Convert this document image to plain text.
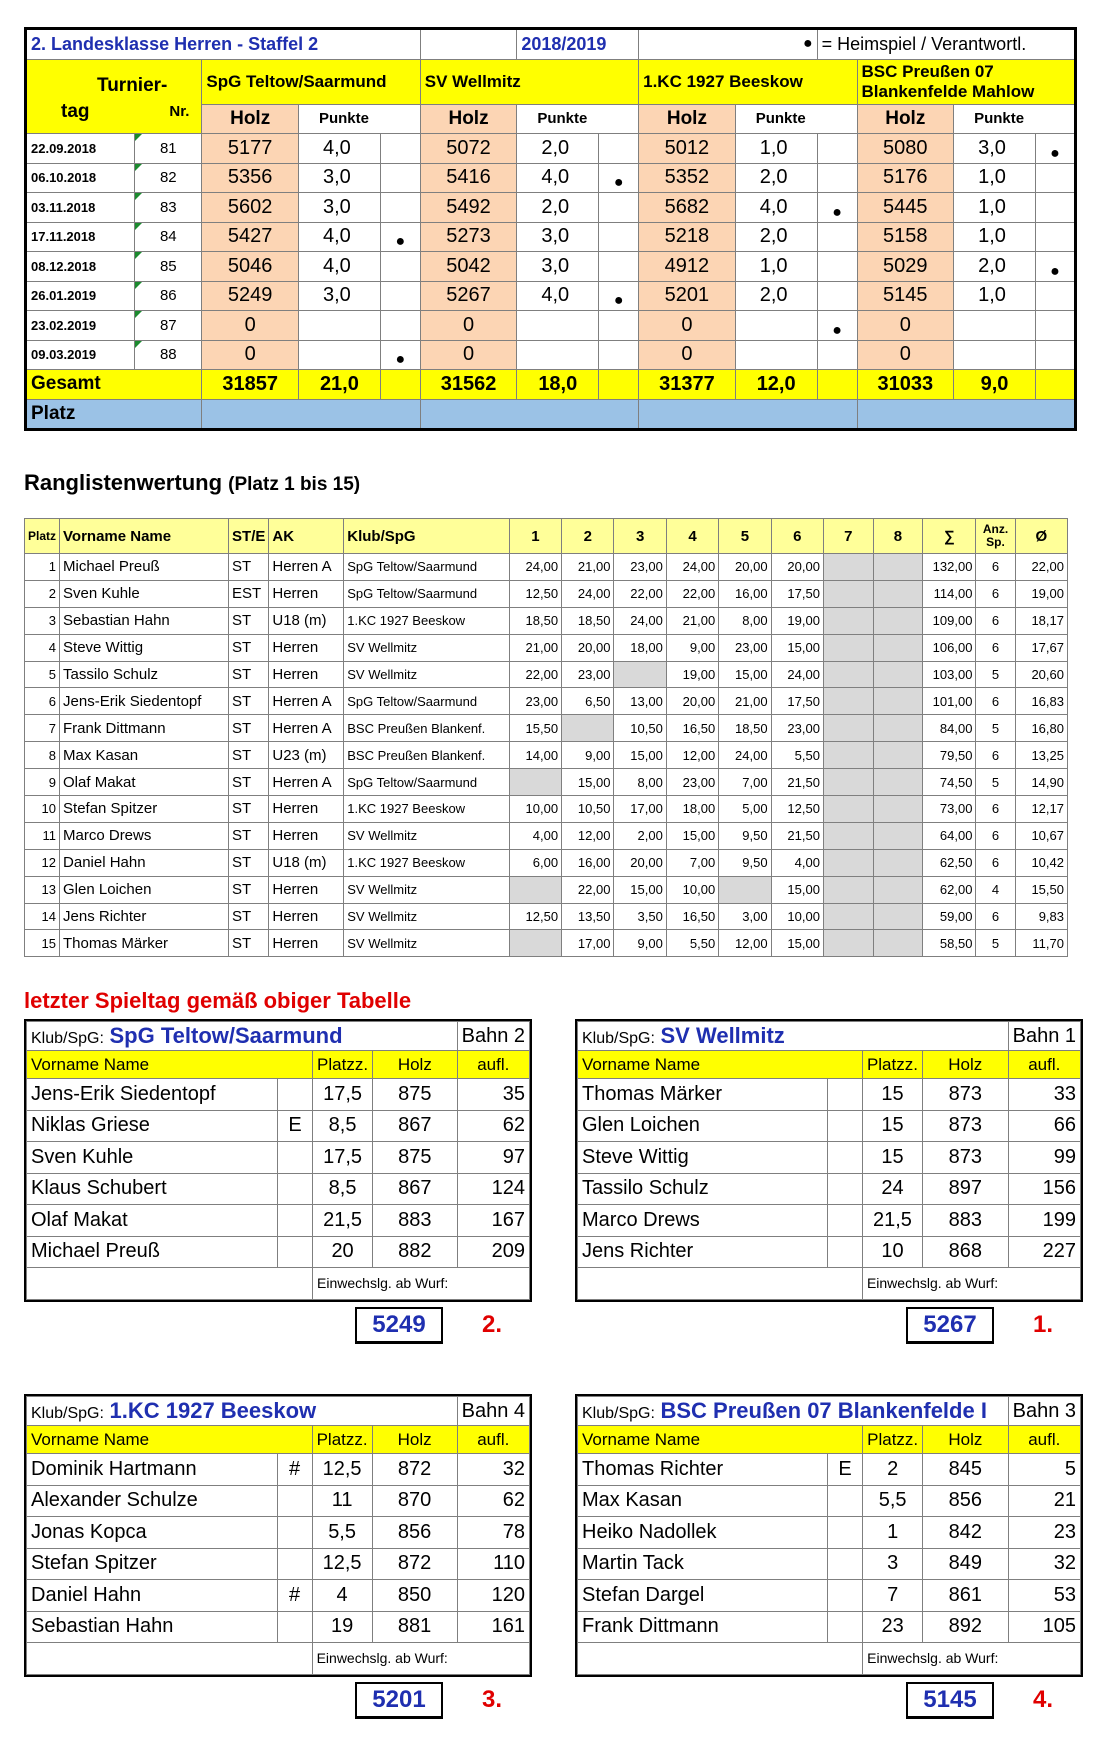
2. Landesklasse Herren - Staffel 2						2018/2019		●		= Heimspiel / Verantwortl.			

Turnier-
tag Nr.		SpG Teltow/Saarmund			SV Wellmitz			1.KC 1927 Beeskow			BSC Preußen 07 Blankenfelde Mahlow		
		Holz	Punkte		Holz	Punkte		Holz	Punkte		Holz	Punkte	
22.09.2018	81	5177	4,0		5072	2,0		5012	1,0		5080	3,0	●
06.10.2018	82	5356	3,0		5416	4,0	●	5352	2,0		5176	1,0	
03.11.2018	83	5602	3,0		5492	2,0		5682	4,0	●	5445	1,0	
17.11.2018	84	5427	4,0	●	5273	3,0		5218	2,0		5158	1,0	
08.12.2018	85	5046	4,0		5042	3,0		4912	1,0		5029	2,0	●
26.01.2019	86	5249	3,0		5267	4,0	●	5201	2,0		5145	1,0	
23.02.2019	87	0			0			0		●	0		
09.03.2019	88	0		●	0			0			0		
Gesamt		31857	21,0		31562	18,0		31377	12,0		31033	9,0	
Platz													
Ranglistenwertung (Platz 1 bis 15)
Platz	Vorname Name	ST/E	AK	Klub/SpG	1	2	3	4	5	6	7	8	∑	Anz. Sp.	Ø
1	Michael Preuß	ST	Herren A	SpG Teltow/Saarmund	24,00	21,00	23,00	24,00	20,00	20,00			132,00	6	22,00
2	Sven Kuhle	EST	Herren	SpG Teltow/Saarmund	12,50	24,00	22,00	22,00	16,00	17,50			114,00	6	19,00
3	Sebastian Hahn	ST	U18 (m)	1.KC 1927 Beeskow	18,50	18,50	24,00	21,00	8,00	19,00			109,00	6	18,17
4	Steve Wittig	ST	Herren	SV Wellmitz	21,00	20,00	18,00	9,00	23,00	15,00			106,00	6	17,67
5	Tassilo Schulz	ST	Herren	SV Wellmitz	22,00	23,00		19,00	15,00	24,00			103,00	5	20,60
6	Jens-Erik Siedentopf	ST	Herren A	SpG Teltow/Saarmund	23,00	6,50	13,00	20,00	21,00	17,50			101,00	6	16,83
7	Frank Dittmann	ST	Herren A	BSC Preußen Blankenf.	15,50		10,50	16,50	18,50	23,00			84,00	5	16,80
8	Max Kasan	ST	U23 (m)	BSC Preußen Blankenf.	14,00	9,00	15,00	12,00	24,00	5,50			79,50	6	13,25
9	Olaf Makat	ST	Herren A	SpG Teltow/Saarmund		15,00	8,00	23,00	7,00	21,50			74,50	5	14,90
10	Stefan Spitzer	ST	Herren	1.KC 1927 Beeskow	10,00	10,50	17,00	18,00	5,00	12,50			73,00	6	12,17
11	Marco Drews	ST	Herren	SV Wellmitz	4,00	12,00	2,00	15,00	9,50	21,50			64,00	6	10,67
12	Daniel Hahn	ST	U18 (m)	1.KC 1927 Beeskow	6,00	16,00	20,00	7,00	9,50	4,00			62,50	6	10,42
13	Glen Loichen	ST	Herren	SV Wellmitz		22,00	15,00	10,00		15,00			62,00	4	15,50
14	Jens Richter	ST	Herren	SV Wellmitz	12,50	13,50	3,50	16,50	3,00	10,00			59,00	6	9,83
15	Thomas Märker	ST	Herren	SV Wellmitz		17,00	9,00	5,50	12,00	15,00			58,50	5	11,70
letzter Spieltag gemäß obiger Tabelle
Klub/SpG: SpG Teltow/Saarmund				Bahn 2
Vorname Name		Platzz.	Holz	aufl.
Jens-Erik Siedentopf		17,5	875	35
Niklas Griese	E	8,5	867	62
Sven Kuhle		17,5	875	97
Klaus Schubert		8,5	867	124
Olaf Makat		21,5	883	167
Michael Preuß		20	882	209
		Einwechslg. ab Wurf:		
5249	2.
Klub/SpG: SV Wellmitz				Bahn 1
Vorname Name		Platzz.	Holz	aufl.
Thomas Märker		15	873	33
Glen Loichen		15	873	66
Steve Wittig		15	873	99
Tassilo Schulz		24	897	156
Marco Drews		21,5	883	199
Jens Richter		10	868	227
		Einwechslg. ab Wurf:		
5267	1.
Klub/SpG: 1.KC 1927 Beeskow				Bahn 4
Vorname Name		Platzz.	Holz	aufl.
Dominik Hartmann	#	12,5	872	32
Alexander Schulze		11	870	62
Jonas Kopca		5,5	856	78
Stefan Spitzer		12,5	872	110
Daniel Hahn	#	4	850	120
Sebastian Hahn		19	881	161
		Einwechslg. ab Wurf:		
5201	3.
Klub/SpG: BSC Preußen 07 Blankenfelde I				Bahn 3
Vorname Name		Platzz.	Holz	aufl.
Thomas Richter	E	2	845	5
Max Kasan		5,5	856	21
Heiko Nadollek		1	842	23
Martin Tack		3	849	32
Stefan Dargel		7	861	53
Frank Dittmann		23	892	105
		Einwechslg. ab Wurf:		
5145	4.
